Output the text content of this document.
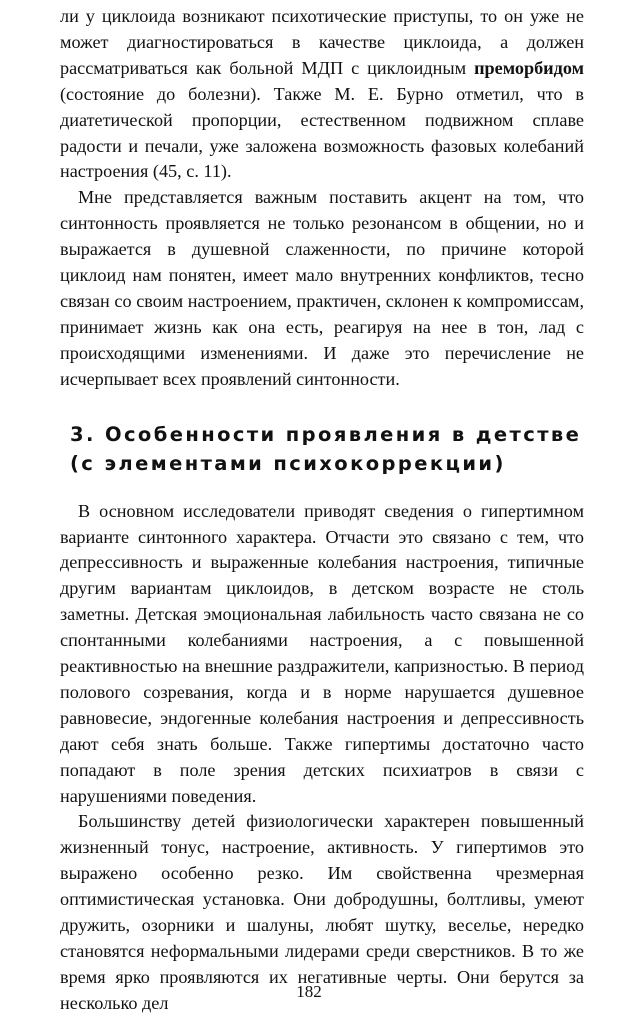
ли у циклоида возникают психотические приступы, то он уже не может диагностироваться в качестве циклоида, а должен рассматриваться как больной МДП с циклоидным преморбидом (состояние до болезни). Также М. Е. Бурно отметил, что в диатетической пропорции, естественном подвижном сплаве радости и печали, уже заложена возможность фазовых колебаний настроения (45, с. 11).

Мне представляется важным поставить акцент на том, что синтонность проявляется не только резонансом в общении, но и выражается в душевной слаженности, по причине которой циклоид нам понятен, имеет мало внутренних конфликтов, тесно связан со своим настроением, практичен, склонен к компромиссам, принимает жизнь как она есть, реагируя на нее в тон, лад с происходящими изменениями. И даже это перечисление не исчерпывает всех проявлений синтонности.

3. Особенности проявления в детстве
(с элементами психокоррекции)

В основном исследователи приводят сведения о гипертимном варианте синтонного характера. Отчасти это связано с тем, что депрессивность и выраженные колебания настроения, типичные другим вариантам циклоидов, в детском возрасте не столь заметны. Детская эмоциональная лабильность часто связана не со спонтанными колебаниями настроения, а с повышенной реактивностью на внешние раздражители, капризностью. В период полового созревания, когда и в норме нарушается душевное равновесие, эндогенные колебания настроения и депрессивность дают себя знать больше. Также гипертимы достаточно часто попадают в поле зрения детских психиатров в связи с нарушениями поведения.

Большинству детей физиологически характерен повышенный жизненный тонус, настроение, активность. У гипертимов это выражено особенно резко. Им свойственна чрезмерная оптимистическая установка. Они добродушны, болтливы, умеют дружить, озорники и шалуны, любят шутку, веселье, нередко становятся неформальными лидерами среди сверстников. В то же время ярко проявляются их негативные черты. Они берутся за несколько дел

182
